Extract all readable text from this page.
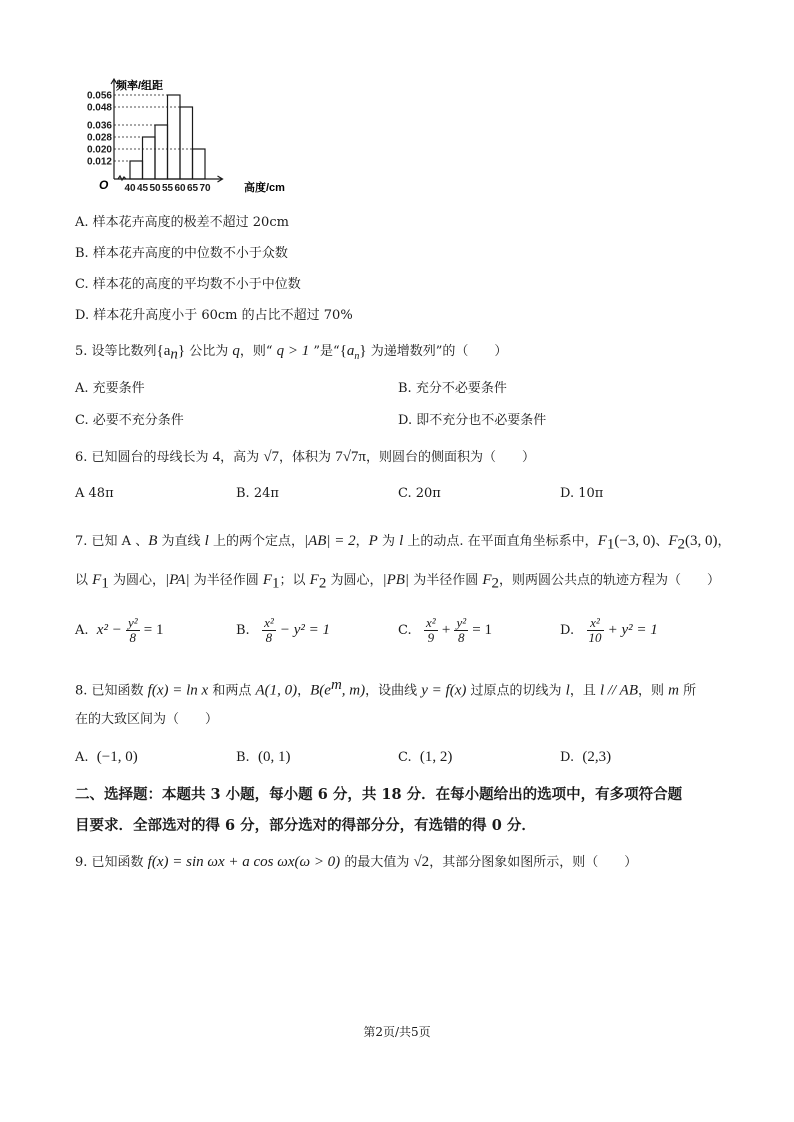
0.056
0.048
0.036
0.028
0.020
0.012
40 45 50 55 60 65 70
频率/组距
高度/cm
O
A. 样本花卉高度的极差不超过 20cm
B. 样本花卉高度的中位数不小于众数
C. 样本花的高度的平均数不小于中位数
D. 样本花升高度小于 60cm 的占比不超过 70%
5. 设等比数列$\{a_n\}$ 公比为 q，则“ q > 1 ”是“$\{a_n\}$ 为递增数列”的（　　）
A. 充要条件	B. 充分不必要条件
C. 必要不充分条件	D. 即不充分也不必要条件
6. 已知圆台的母线长为 4，高为 √7，体积为 7√7π，则圆台的侧面积为（　　）
A 48π	B. 24π	C. 20π	D. 10π
7. 已知 A 、B 为直线 l 上的两个定点，|AB| = 2，P 为 l 上的动点. 在平面直角坐标系中，$F_1(-3$, 0)、$F_2(3$, 0)，
以 $F_1$ 为圆心，|PA| 为半径作圆 $F_1$；以 $F_2$ 为圆心，|PB| 为半径作圆 $F_2$，则两圆公共点的轨迹方程为（　　）
A. $x^2 - \frac{\text{y²}}{8} = 1$	B. $\frac{\text{x²}}{8} - y^2 = 1$	C. $\frac{\text{x²}}{9} + \frac{\text{y²}}{8} = 1$	D. $\frac{\text{x²}}{10} + y^2 = 1$
8. 已知函数 f(x) = ln x 和两点 A(1, 0)，$B(e^m$, m)，设曲线 y = f(x) 过原点的切线为 l，且 l // AB，则 m 所
在的大致区间为（　　）
A. (−1, 0)	B. (0, 1)	C. (1, 2)	D. (2,3)
二、选择题：本题共 3 小题，每小题 6 分，共 18 分．在每小题给出的选项中，有多项符合题
目要求．全部选对的得 6 分，部分选对的得部分分，有选错的得 0 分．
9. 已知函数 f(x) = sin ωx + a cos ωx(ω > 0) 的最大值为 √2，其部分图象如图所示，则（　　）
第2页/共5页
